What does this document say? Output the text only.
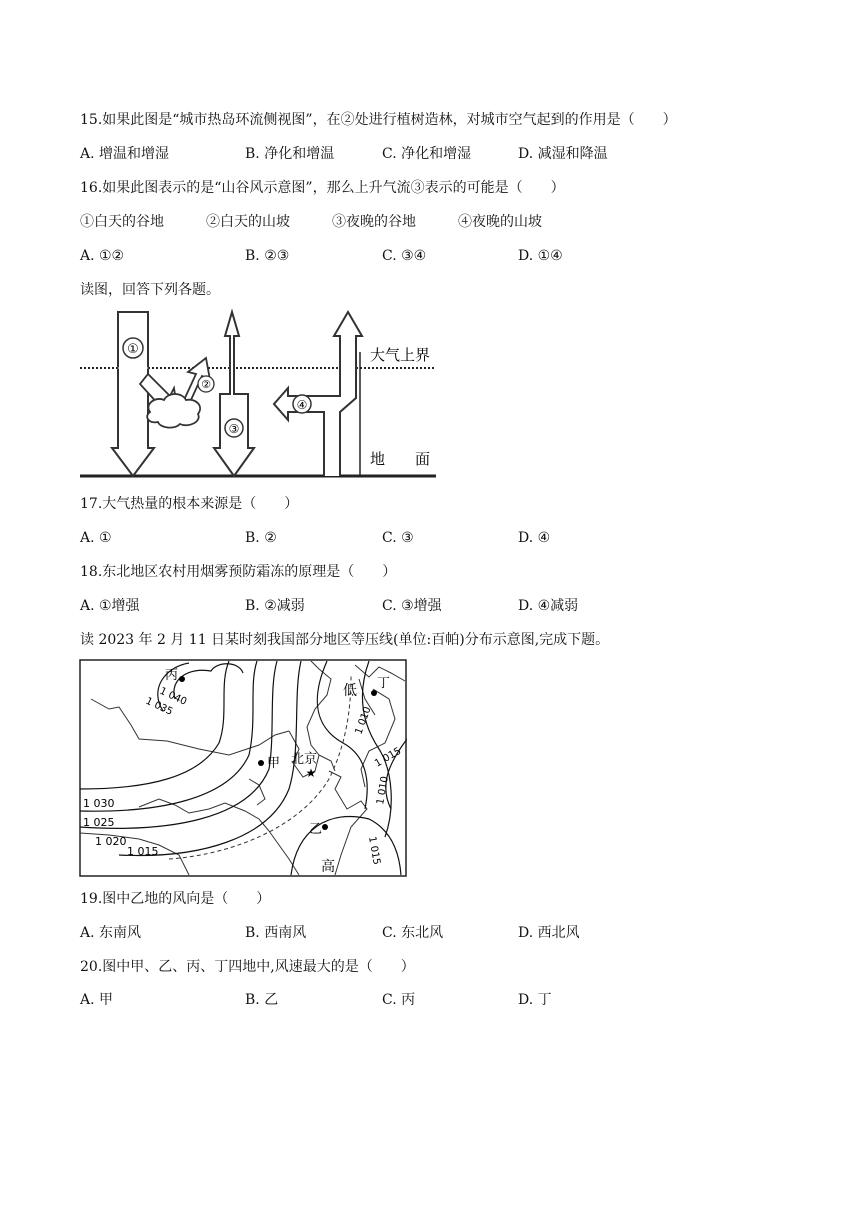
15.如果此图是“城市热岛环流侧视图”，在②处进行植树造林，对城市空气起到的作用是（　　）
A. 增温和增湿	B. 净化和增温	C. 净化和增湿	D. 减湿和降温
16.如果此图表示的是“山谷风示意图”，那么上升气流③表示的可能是（　　）
①白天的谷地　　　②白天的山坡　　　③夜晚的谷地　　　④夜晚的山坡
A. ①②	B. ②③	C. ③④	D. ①④
读图，回答下列各题。
①
②
③
④
大气上界
地　　面
17.大气热量的根本来源是（　　）
A. ①	B. ②	C. ③	D. ④
18.东北地区农村用烟雾预防霜冻的原理是（　　）
A. ①增强	B. ②减弱	C. ③增强	D. ④减弱
读 2023 年 2 月 11 日某时刻我国部分地区等压线(单位:百帕)分布示意图,完成下题。
★
丙
丁
甲
乙
北京
低
高
1 040
1 035
1 030
1 025
1 020
1 015
1 010
1 015
1 010
1 015
19.图中乙地的风向是（　　）
A. 东南风	B. 西南风	C. 东北风	D. 西北风
20.图中甲、乙、丙、丁四地中,风速最大的是（　　）
A. 甲	B. 乙	C. 丙	D. 丁
